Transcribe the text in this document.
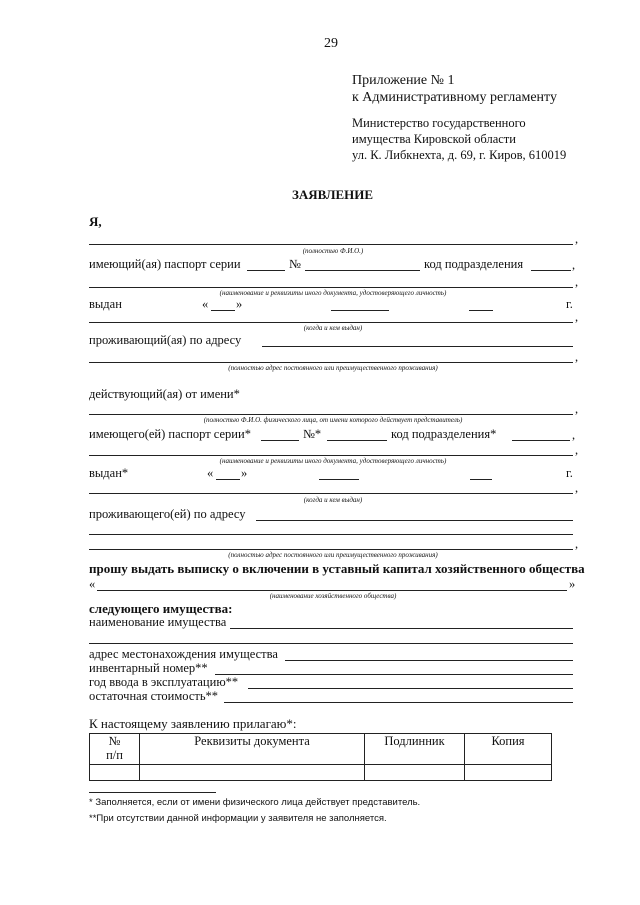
29
Приложение № 1
к Административному регламенту
Министерство государственного
имущества Кировской области
ул. К. Либкнехта, д. 69, г. Киров, 610019
ЗАЯВЛЕНИЕ
Я,
,
(полностью Ф.И.О.)
имеющий(ая) паспорт серии	№	код подразделения	,
,
(наименование и реквизиты иного документа, удостоверяющего личность)
выдан	« »	г.
,
(когда и кем выдан)
проживающий(ая) по адресу
,
(полностью адрес постоянного или преимущественного проживания)
действующий(ая) от имени*
,
(полностью Ф.И.О. физического лица, от имени которого действует представитель)
имеющего(ей) паспорт серии*	№*	код подразделения*	,
,
(наименование и реквизиты иного документа, удостоверяющего личность)
выдан*	« »	г.
,
(когда и кем выдан)
проживающего(ей) по адресу
,
(полностью адрес постоянного или преимущественного проживания)
прошу выдать выписку о включении в уставный капитал хозяйственного общества
«	»
(наименование хозяйственного общества)
следующего имущества:
наименование имущества
адрес местонахождения имущества
инвентарный номер**
год ввода в эксплуатацию**
остаточная стоимость**
К настоящему заявлению прилагаю*:
№
п/п	Реквизиты документа	Подлинник	Копия

* Заполняется, если от имени физического лица действует представитель.
**При отсутствии данной информации у заявителя не заполняется.
